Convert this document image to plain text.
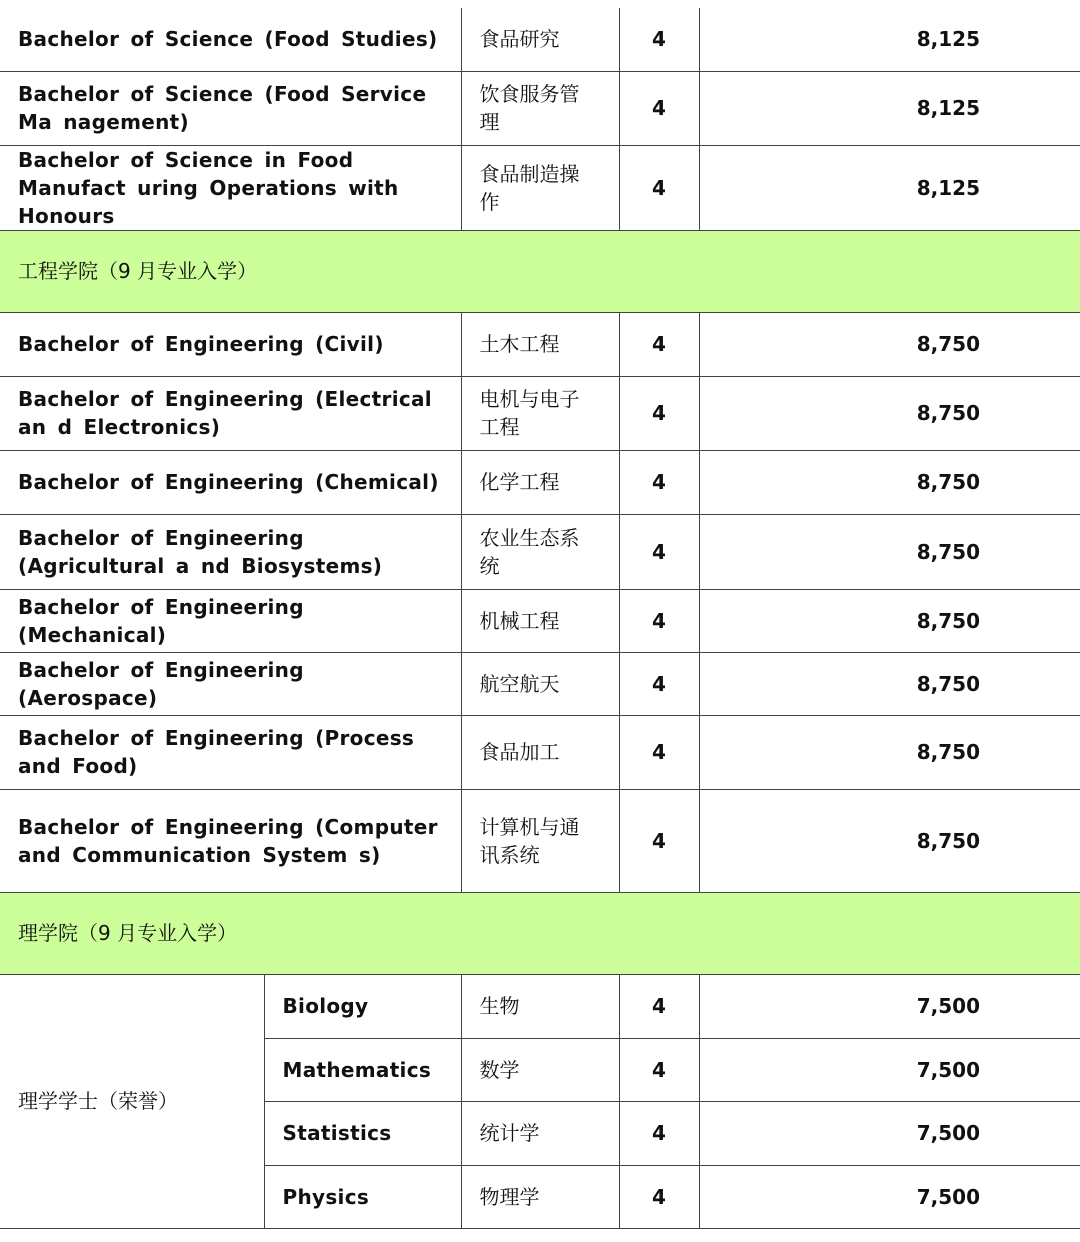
Bachelor of Science (Food Studies)		食品研究	4	8,125
Bachelor of Science (Food Service Ma nagement)		饮食服务管 理	4	8,125
Bachelor of Science in Food Manufact uring Operations with Honours		食品制造操 作	4	8,125
工程学院（9 月专业入学）				
Bachelor of Engineering (Civil)		土木工程	4	8,750
Bachelor of Engineering (Electrical an d Electronics)		电机与电子 工程	4	8,750
Bachelor of Engineering (Chemical)		化学工程	4	8,750
Bachelor of Engineering (Agricultural a nd Biosystems)		农业生态系 统	4	8,750
Bachelor of Engineering (Mechanical)		机械工程	4	8,750
Bachelor of Engineering (Aerospace)		航空航天	4	8,750
Bachelor of Engineering (Process and Food)		食品加工	4	8,750
Bachelor of Engineering (Computer and Communication System s)		计算机与通 讯系统	4	8,750
理学院（9 月专业入学）				
理学学士（荣誉）	Biology	生物	4	7,500
	Mathematics	数学	4	7,500
	Statistics	统计学	4	7,500
	Physics	物理学	4	7,500
